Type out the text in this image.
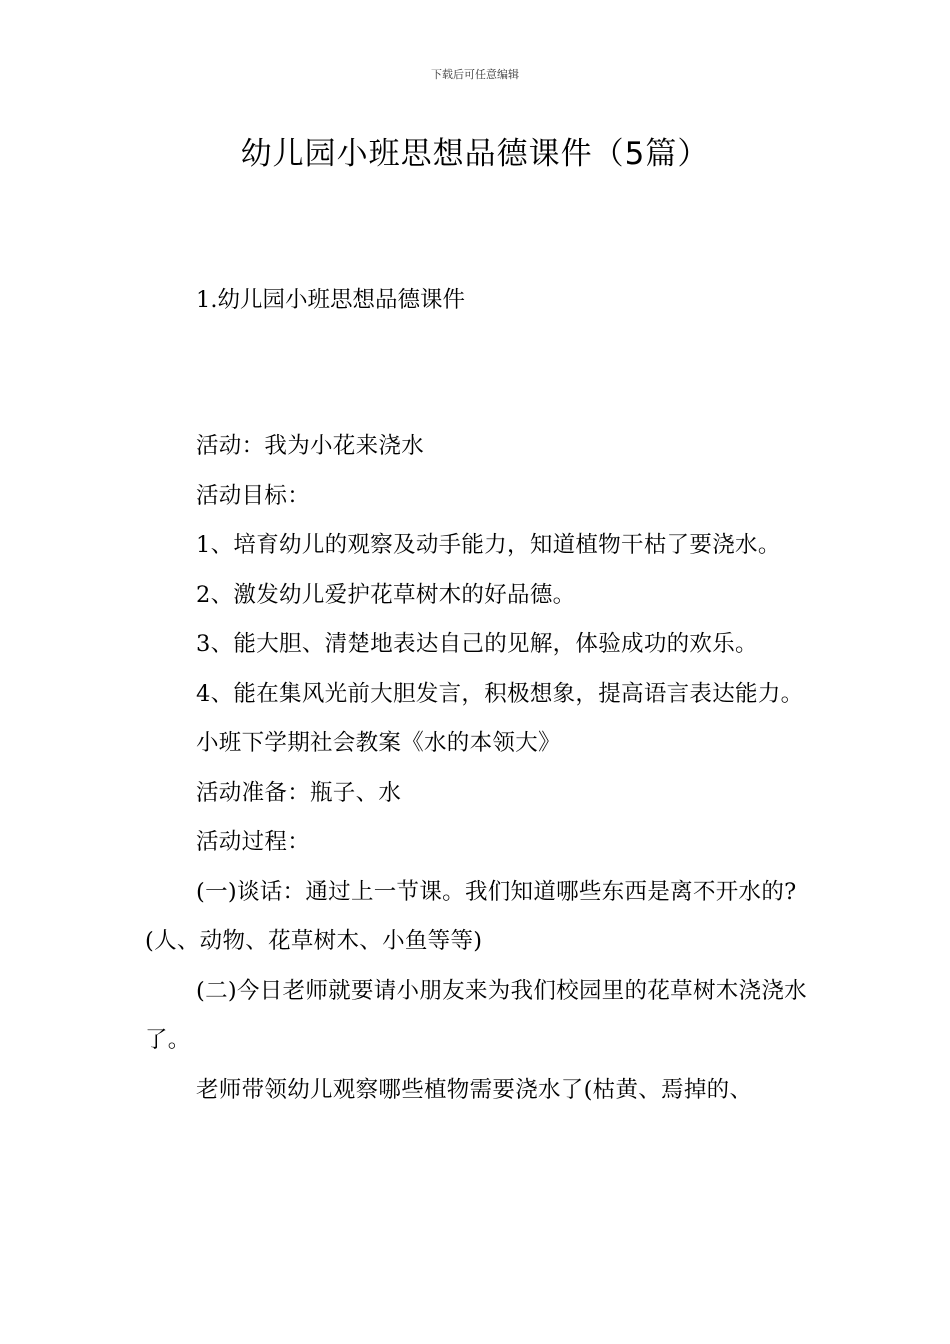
下载后可任意编辑
幼儿园小班思想品德课件（5篇）
1.幼儿园小班思想品德课件

活动：我为小花来浇水

活动目标：

1、培育幼儿的观察及动手能力，知道植物干枯了要浇水。

2、激发幼儿爱护花草树木的好品德。

3、能大胆、清楚地表达自己的见解，体验成功的欢乐。

4、能在集风光前大胆发言，积极想象，提高语言表达能力。

小班下学期社会教案《水的本领大》

活动准备：瓶子、水

活动过程：

(一)谈话：通过上一节课。我们知道哪些东西是离不开水的?(人、动物、花草树木、小鱼等等)

(二)今日老师就要请小朋友来为我们校园里的花草树木浇浇水了。

老师带领幼儿观察哪些植物需要浇水了(枯黄、焉掉的、
